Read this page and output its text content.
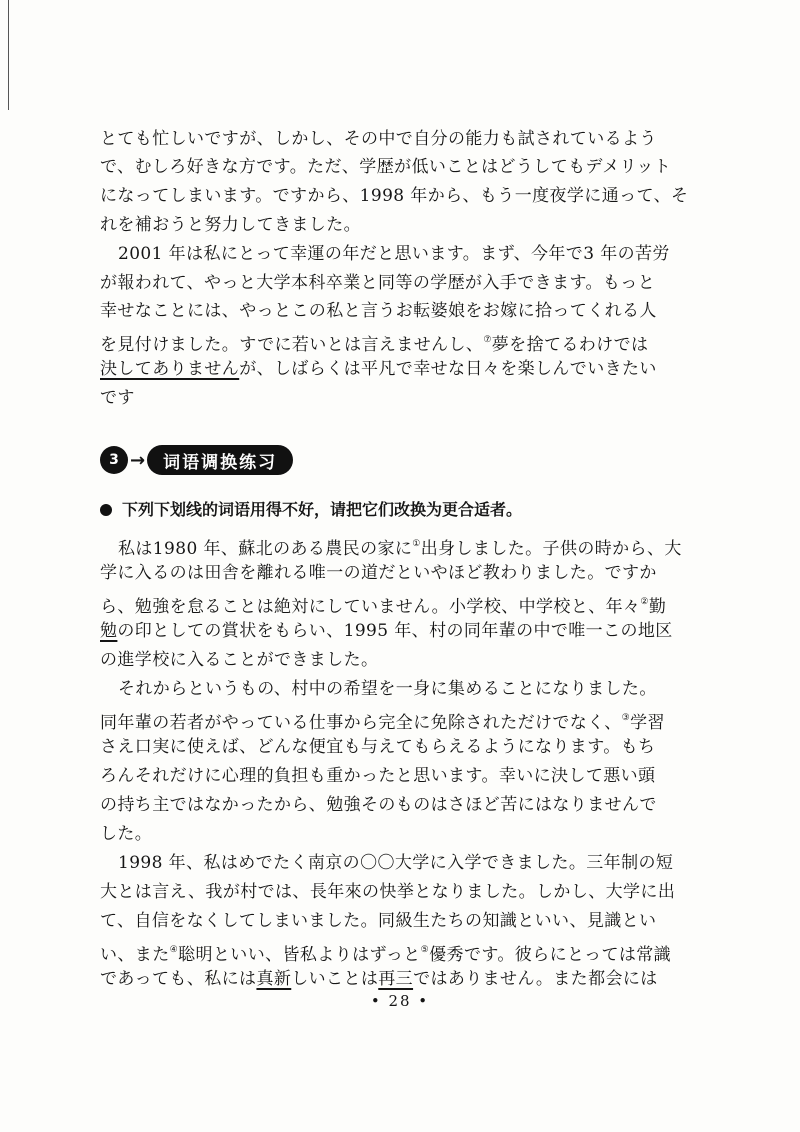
とても忙しいですが、しかし、その中で自分の能力も試されているよう
で、むしろ好きな方です。ただ、学歴が低いことはどうしてもデメリット
になってしまいます。ですから、1998 年から、もう一度夜学に通って、そ
れを補おうと努力してきました。
2001 年は私にとって幸運の年だと思います。まず、今年で3 年の苦労
が報われて、やっと大学本科卒業と同等の学歴が入手できます。もっと
幸せなことには、やっとこの私と言うお転婆娘をお嫁に拾ってくれる人
を見付けました。すでに若いとは言えませんし、⑦夢を捨てるわけでは
決してありませんが、しばらくは平凡で幸せな日々を楽しんでいきたい
です
3 →	词语调换练习
下列下划线的词语用得不好，请把它们改换为更合适者。
私は1980 年、蘇北のある農民の家に①出身しました。子供の時から、大
学に入るのは田舎を離れる唯一の道だといやほど教わりました。ですか
ら、勉強を怠ることは絶対にしていません。小学校、中学校と、年々②勤
勉の印としての賞状をもらい、1995 年、村の同年輩の中で唯一この地区
の進学校に入ることができました。
それからというもの、村中の希望を一身に集めることになりました。
同年輩の若者がやっている仕事から完全に免除されただけでなく、③学習
さえ口実に使えば、どんな便宜も与えてもらえるようになります。もち
ろんそれだけに心理的負担も重かったと思います。幸いに決して悪い頭
の持ち主ではなかったから、勉強そのものはさほど苦にはなりませんで
した。
1998 年、私はめでたく南京の〇〇大学に入学できました。三年制の短
大とは言え、我が村では、長年來の快挙となりました。しかし、大学に出
て、自信をなくしてしまいました。同級生たちの知識といい、見識とい
い、また④聡明といい、皆私よりはずっと⑤優秀です。彼らにとっては常識
であっても、私には真新しいことは再三ではありません。また都会には
• 28 •
